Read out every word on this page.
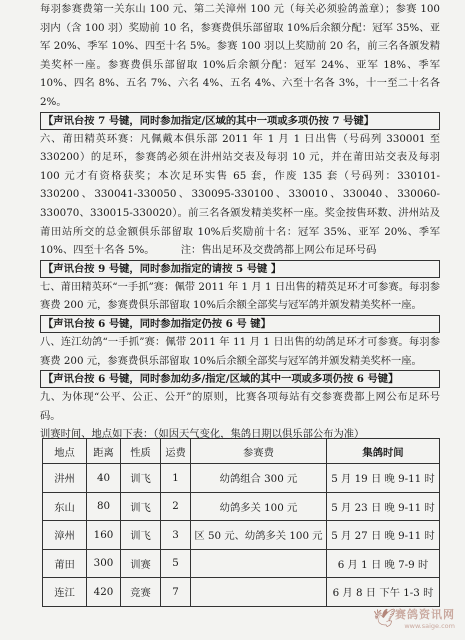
每羽参赛费第一关东山 100 元、第二关漳州 100 元（每关必须验鸽盖章）；参赛 100 羽内（含 100 羽）奖励前 10 名，参赛费俱乐部留取 10%后余额分配：冠军 35%、亚军 20%、季军 10%、四至十名 5%。参赛 100 羽以上奖励前 20 名，前三名各颁发精美奖杯一座。参赛费俱乐部留取 10%后余额分配：冠军 24%、亚军 18%、季军 10%、四名 8%、五名 7%、六名 4%、五名 4%、六至十名各 3%，十一至二十名各 2%。

【声讯台按 7 号键，同时参加指定/区域的其中一项或多项仍按 7 号键】

六、莆田精英环赛：凡佩戴本俱乐部 2011 年 1 月 1 日出售（号码列 330001 至 330200）的足环，参赛鸽必须在汫州站交表及每羽 10 元，并在莆田站交表及每羽 100 元才有资格获奖；本次足环实售 65 套，作废 135 套（号码列：330101-330200、330041-330050、330095-330100、330010、330040、330060-330070、330015-330020）。前三名各颁发精美奖杯一座。奖金按售环数、汫州站及莆田站所交的总金额俱乐部留取 10%后奖励前十名：冠军 35%、亚军 20%、季军 10%、四至十名各 5%。        注：售出足环及交费鸽都上网公布足环号码

【声讯台按 9 号键，同时参加指定的请按 5 号键 】

七、莆田精英环“一手抓”赛：佩带 2011 年 1 月 1 日出售的精英足环才可参赛。每羽参赛费 200 元，参赛费俱乐部留取 10%后余额全部奖与冠军鸽并颁发精美奖杯一座。

【声讯台按 6 号键，同时参加指定仍按 6 号 键】

八、连江幼鸽“一手抓”赛：佩带 2011 年 11 月 1 日出售的幼鸽足环才可参赛。每羽参赛费 200 元，参赛费俱乐部留取 10%后余额全部奖与冠军鸽并颁发精美奖杯一座。

【声讯台按 6 号键，同时参加幼多/指定/区域的其中一项或多项仍按 6 号键】

九、为体现“公平、公正、公开”的原则，比赛各项每站有交参赛费都上网公布足环号码。

训赛时间、地点如下表：（如因天气变化，集鸽日期以俱乐部公布为准）

地点	距离	性质	运费	参赛费	集鸽时间
汫州	40	训飞	1	幼鸽组合 300 元	5 月 19 日 晚 9-11 时
东山	80	训飞	2	幼鸽多关 100 元	5 月 23 日 晚 9-11 时
漳州	160	训飞	3	区 50 元、幼鸽多关 100 元	5 月 27 日 晚 9-11 时
莆田	300	训赛	5		6 月 1 日 晚 7-9 时
连江	420	竞赛	7		6 月 8 日 下午 1-3 时
🕊 赛鸽资讯网
www.saige.com
